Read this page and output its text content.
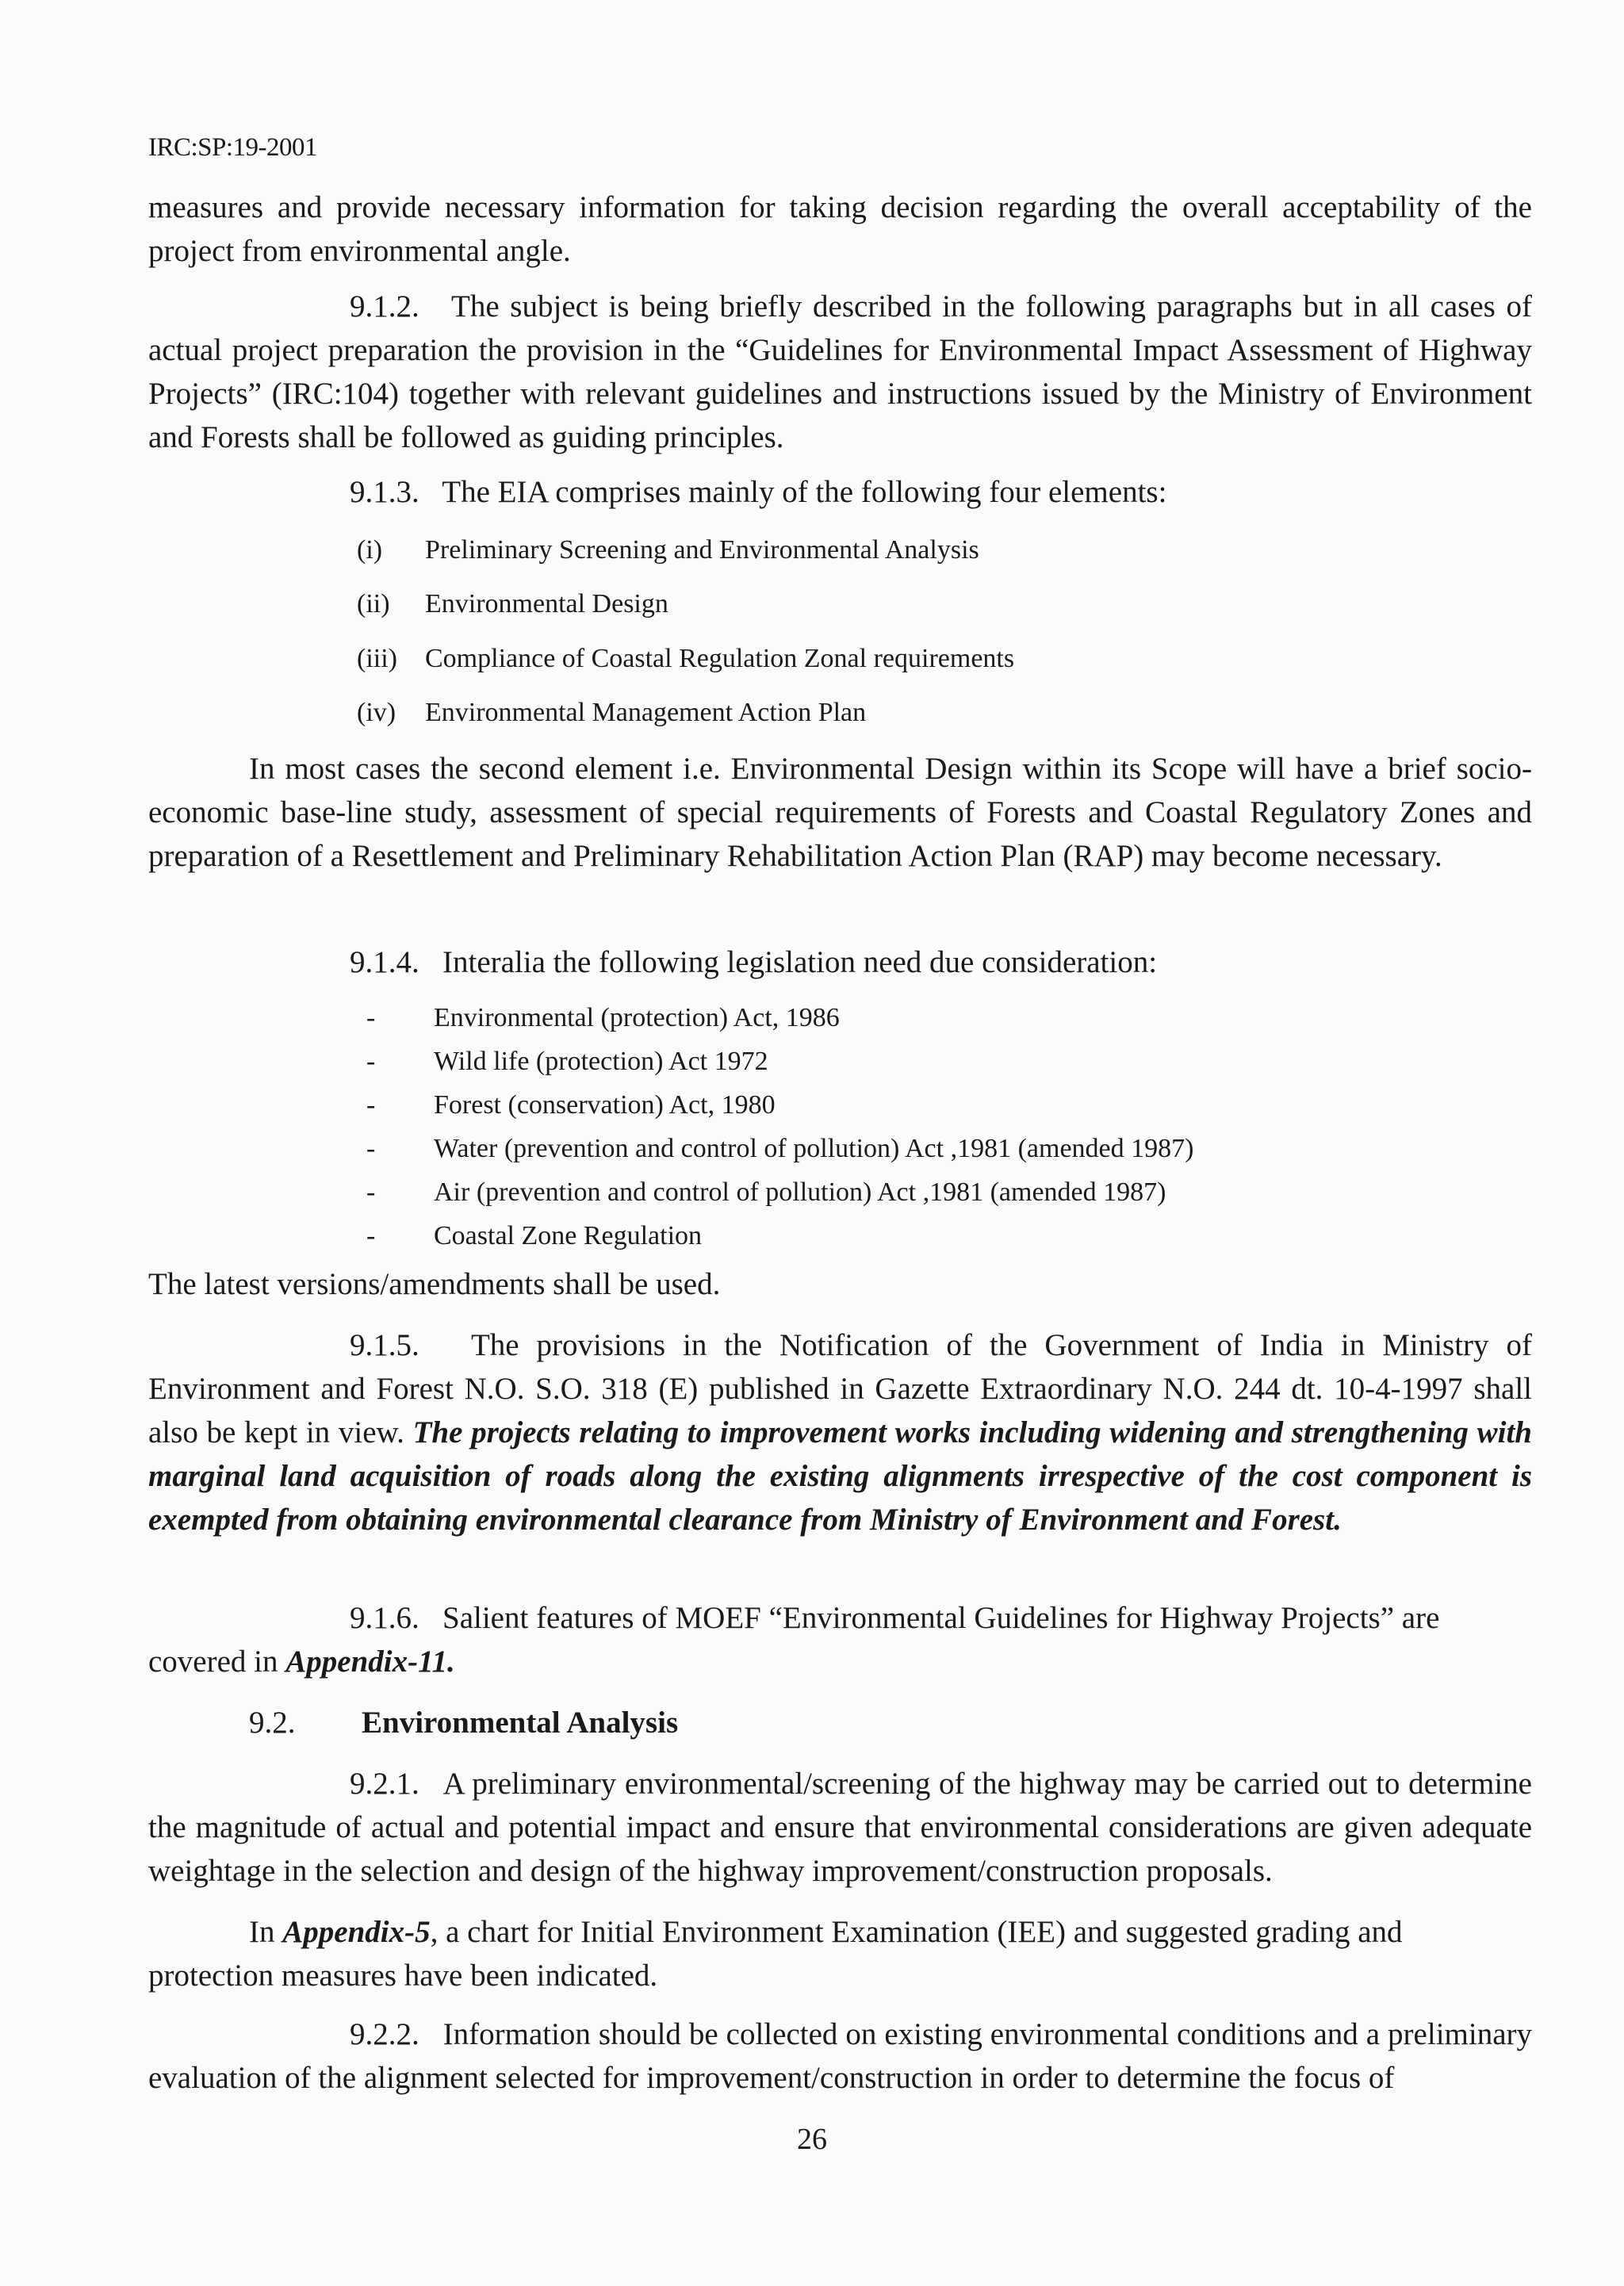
IRC:SP:19-2001

measures and provide necessary information for taking decision regarding the overall acceptability of the project from environmental angle.

9.1.2. The subject is being briefly described in the following paragraphs but in all cases of actual project preparation the provision in the “Guidelines for Environmental Impact Assessment of Highway Projects” (IRC:104) together with relevant guidelines and instructions issued by the Ministry of Environment and Forests shall be followed as guiding principles.

9.1.3. The EIA comprises mainly of the following four elements:

(i)	Preliminary Screening and Environmental Analysis
(ii)	Environmental Design
(iii)	Compliance of Coastal Regulation Zonal requirements
(iv)	Environmental Management Action Plan

In most cases the second element i.e. Environmental Design within its Scope will have a brief socio-economic base-line study, assessment of special requirements of Forests and Coastal Regulatory Zones and preparation of a Resettlement and Preliminary Rehabilitation Action Plan (RAP) may become necessary.

9.1.4. Interalia the following legislation need due consideration:

- Environmental (protection) Act, 1986
- Wild life (protection) Act 1972
- Forest (conservation) Act, 1980
- Water (prevention and control of pollution) Act ,1981 (amended 1987)
- Air (prevention and control of pollution) Act ,1981 (amended 1987)
- Coastal Zone Regulation

The latest versions/amendments shall be used.

9.1.5. The provisions in the Notification of the Government of India in Ministry of Environment and Forest N.O. S.O. 318 (E) published in Gazette Extraordinary N.O. 244 dt. 10-4-1997 shall also be kept in view. The projects relating to improvement works including widening and strengthening with marginal land acquisition of roads along the existing alignments irrespective of the cost component is exempted from obtaining environmental clearance from Ministry of Environment and Forest.

9.1.6. Salient features of MOEF “Environmental Guidelines for Highway Projects” are covered in Appendix-11.

9.2. Environmental Analysis

9.2.1. A preliminary environmental/screening of the highway may be carried out to determine the magnitude of actual and potential impact and ensure that environmental considerations are given adequate weightage in the selection and design of the highway improvement/construction proposals.

In Appendix-5, a chart for Initial Environment Examination (IEE) and suggested grading and protection measures have been indicated.

9.2.2. Information should be collected on existing environmental conditions and a preliminary evaluation of the alignment selected for improvement/construction in order to determine the focus of

26
